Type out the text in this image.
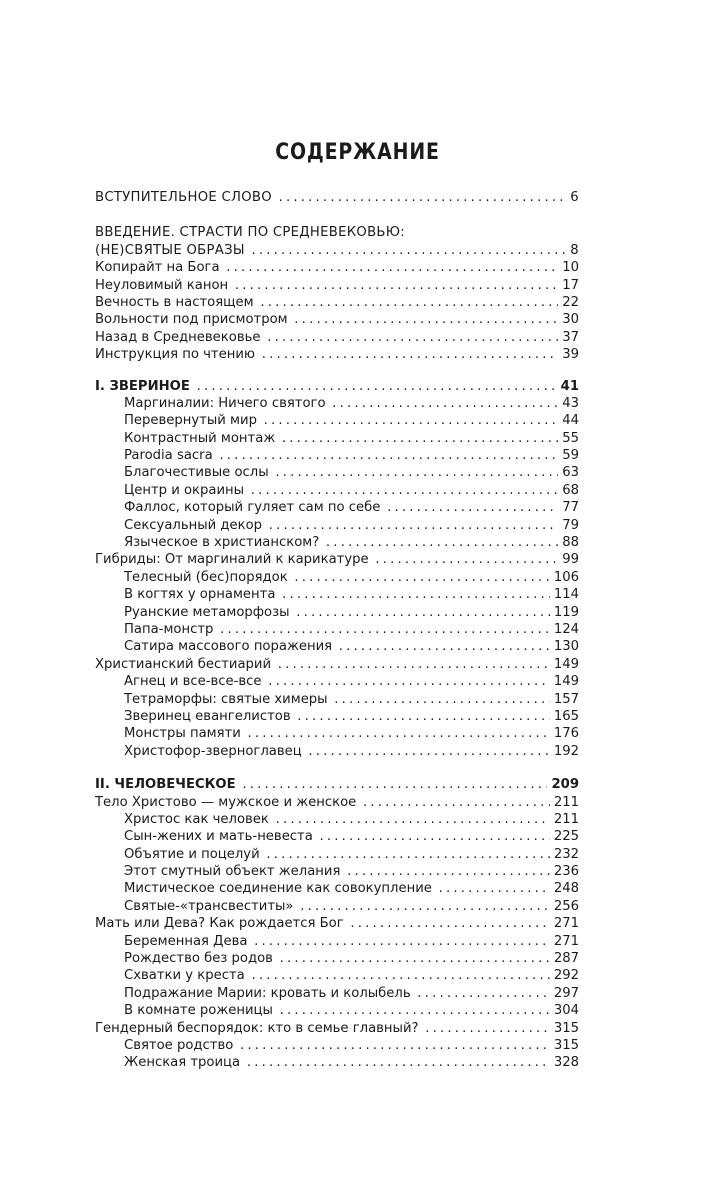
СОДЕРЖАНИЕ
ВСТУПИТЕЛЬНОЕ СЛОВО . . .	6
ВВЕДЕНИЕ. СТРАСТИ ПО СРЕДНЕВЕКОВЬЮ:
(НЕ)СВЯТЫЕ ОБРАЗЫ . . .	8
Копирайт на Бога . . .	10
Неуловимый канон . . .	17
Вечность в настоящем . . .	22
Вольности под присмотром . . .	30
Назад в Средневековье . . .	37
Инструкция по чтению . . .	39
I. ЗВЕРИНОЕ . . .	41
Маргиналии: Ничего святого . . .	43
Перевернутый мир . . .	44
Контрастный монтаж . . .	55
Parodia sacra . . .	59
Благочестивые ослы . . .	63
Центр и окраины . . .	68
Фаллос, который гуляет сам по себе . . .	77
Сексуальный декор . . .	79
Языческое в христианском? . . .	88
Гибриды: От маргиналий к карикатуре . . .	99
Телесный (бес)порядок . . .	106
В когтях у орнамента . . .	114
Руанские метаморфозы . . .	119
Папа-монстр . . .	124
Сатира массового поражения . . .	130
Христианский бестиарий . . .	149
Агнец и все-все-все . . .	149
Тетраморфы: святые химеры . . .	157
Зверинец евангелистов . . .	165
Монстры памяти . . .	176
Христофор-зверноглавец . . .	192
II. ЧЕЛОВЕЧЕСКОЕ . . .	209
Тело Христово — мужское и женское . . .	211
Христос как человек . . .	211
Сын-жених и мать-невеста . . .	225
Объятие и поцелуй . . .	232
Этот смутный объект желания . . .	236
Мистическое соединение как совокупление . . .	248
Святые-«трансвеститы» . . .	256
Мать или Дева? Как рождается Бог . . .	271
Беременная Дева . . .	271
Рождество без родов . . .	287
Схватки у креста . . .	292
Подражание Марии: кровать и колыбель . . .	297
В комнате роженицы . . .	304
Гендерный беспорядок: кто в семье главный? . . .	315
Святое родство . . .	315
Женская троица . . .	328
